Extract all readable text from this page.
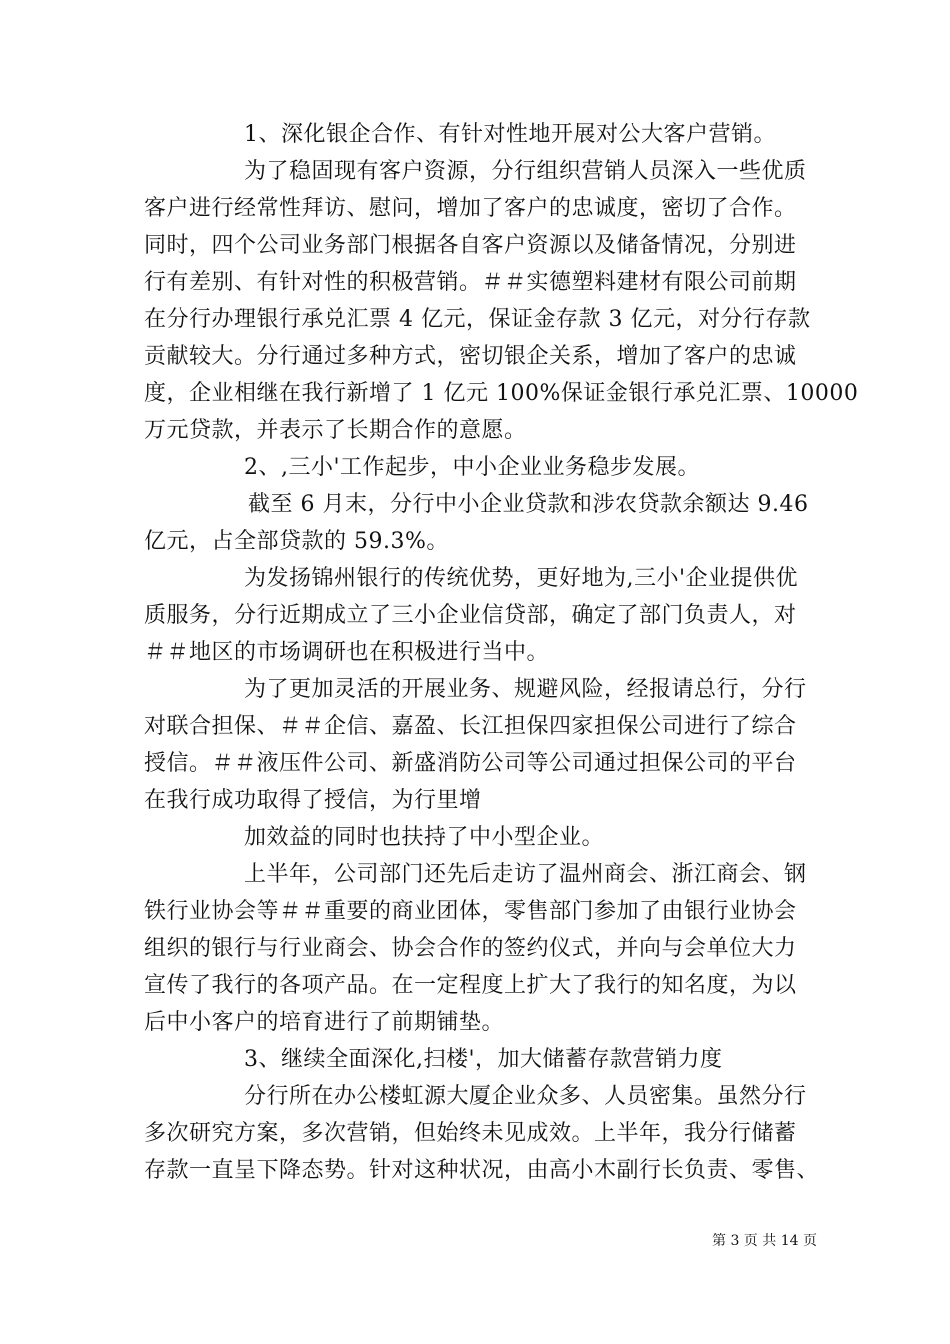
1、深化银企合作、有针对性地开展对公大客户营销。
为了稳固现有客户资源，分行组织营销人员深入一些优质
客户进行经常性拜访、慰问，增加了客户的忠诚度，密切了合作。
同时，四个公司业务部门根据各自客户资源以及储备情况，分别进
行有差别、有针对性的积极营销。＃＃实德塑料建材有限公司前期
在分行办理银行承兑汇票 4 亿元，保证金存款 3 亿元，对分行存款
贡献较大。分行通过多种方式，密切银企关系，增加了客户的忠诚
度，企业相继在我行新增了 1 亿元 100%保证金银行承兑汇票、10000
万元贷款，并表示了长期合作的意愿。
2、,三小'工作起步，中小企业业务稳步发展。
截至 6 月末，分行中小企业贷款和涉农贷款余额达 9.46
亿元，占全部贷款的 59.3%。
为发扬锦州银行的传统优势，更好地为,三小'企业提供优
质服务，分行近期成立了三小企业信贷部，确定了部门负责人，对
＃＃地区的市场调研也在积极进行当中。
为了更加灵活的开展业务、规避风险，经报请总行，分行
对联合担保、＃＃企信、嘉盈、长江担保四家担保公司进行了综合
授信。＃＃液压件公司、新盛消防公司等公司通过担保公司的平台
在我行成功取得了授信，为行里增
加效益的同时也扶持了中小型企业。
上半年，公司部门还先后走访了温州商会、浙江商会、钢
铁行业协会等＃＃重要的商业团体，零售部门参加了由银行业协会
组织的银行与行业商会、协会合作的签约仪式，并向与会单位大力
宣传了我行的各项产品。在一定程度上扩大了我行的知名度，为以
后中小客户的培育进行了前期铺垫。
3、继续全面深化,扫楼'，加大储蓄存款营销力度
分行所在办公楼虹源大厦企业众多、人员密集。虽然分行
多次研究方案，多次营销，但始终未见成效。上半年，我分行储蓄
存款一直呈下降态势。针对这种状况，由高小木副行长负责、零售、
第 3 页 共 14 页
